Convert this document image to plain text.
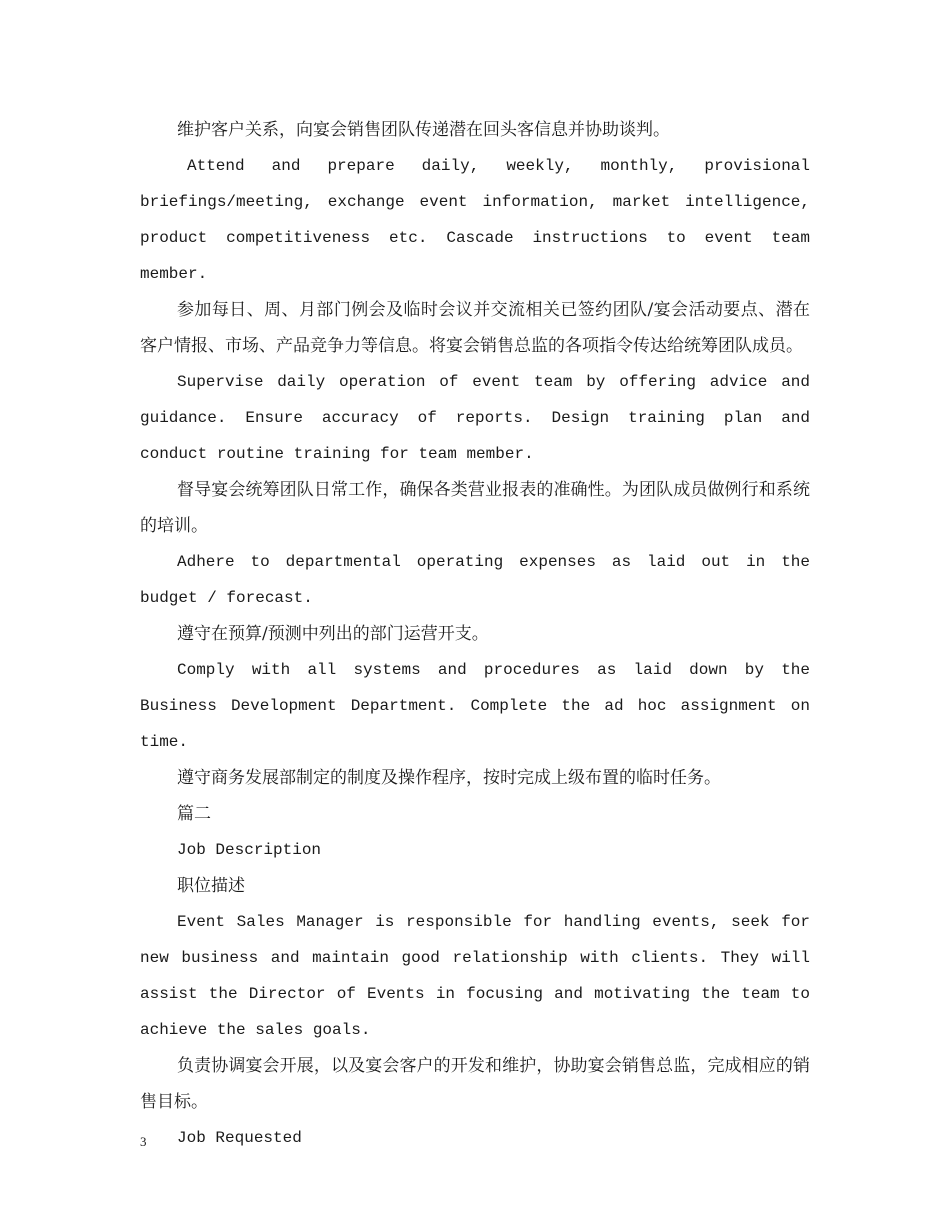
维护客户关系，向宴会销售团队传递潜在回头客信息并协助谈判。

Attend and prepare daily, weekly, monthly, provisional briefings/meeting, exchange event information, market intelligence, product competitiveness etc. Cascade instructions to event team member.

参加每日、周、月部门例会及临时会议并交流相关已签约团队/宴会活动要点、潜在客户情报、市场、产品竞争力等信息。将宴会销售总监的各项指令传达给统筹团队成员。

Supervise daily operation of event team by offering advice and guidance. Ensure accuracy of reports. Design training plan and conduct routine training for team member.

督导宴会统筹团队日常工作，确保各类营业报表的准确性。为团队成员做例行和系统的培训。

Adhere to departmental operating expenses as laid out in the budget / forecast.

遵守在预算/预测中列出的部门运营开支。

Comply with all systems and procedures as laid down by the Business Development Department. Complete the ad hoc assignment on time.

遵守商务发展部制定的制度及操作程序，按时完成上级布置的临时任务。

篇二

Job Description

职位描述

Event Sales Manager is responsible for handling events, seek for new business and maintain good relationship with clients. They will assist the Director of Events in focusing and motivating the team to achieve the sales goals.

负责协调宴会开展，以及宴会客户的开发和维护，协助宴会销售总监，完成相应的销售目标。

Job Requested

3
